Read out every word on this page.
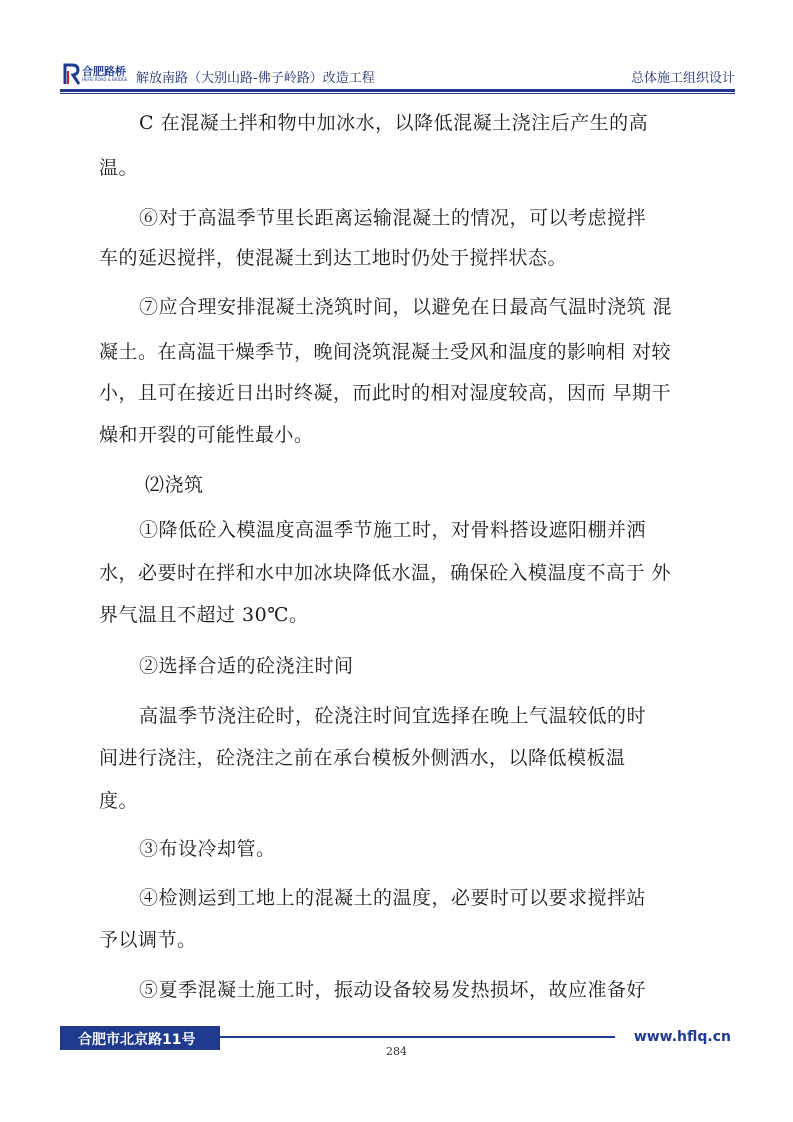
合肥路桥
HEFEI ROAD & BRIDGE 解放南路（大别山路-佛子岭路）改造工程	总体施工组织设计
C 在混凝土拌和物中加冰水，以降低混凝土浇注后产生的高
温。
⑥对于高温季节里长距离运输混凝土的情况，可以考虑搅拌
车的延迟搅拌，使混凝土到达工地时仍处于搅拌状态。
⑦应合理安排混凝土浇筑时间，以避免在日最高气温时浇筑 混
凝土。在高温干燥季节，晚间浇筑混凝土受风和温度的影响相 对较
小，且可在接近日出时终凝，而此时的相对湿度较高，因而 早期干
燥和开裂的可能性最小。
⑵浇筑
①降低砼入模温度高温季节施工时，对骨料搭设遮阳棚并洒
水，必要时在拌和水中加冰块降低水温，确保砼入模温度不高于 外
界气温且不超过 30℃。
②选择合适的砼浇注时间
高温季节浇注砼时，砼浇注时间宜选择在晚上气温较低的时
间进行浇注，砼浇注之前在承台模板外侧洒水，以降低模板温
度。
③布设冷却管。
④检测运到工地上的混凝土的温度，必要时可以要求搅拌站
予以调节。
⑤夏季混凝土施工时，振动设备较易发热损坏，故应准备好
合肥市北京路11号	www.hflq.cn
284
